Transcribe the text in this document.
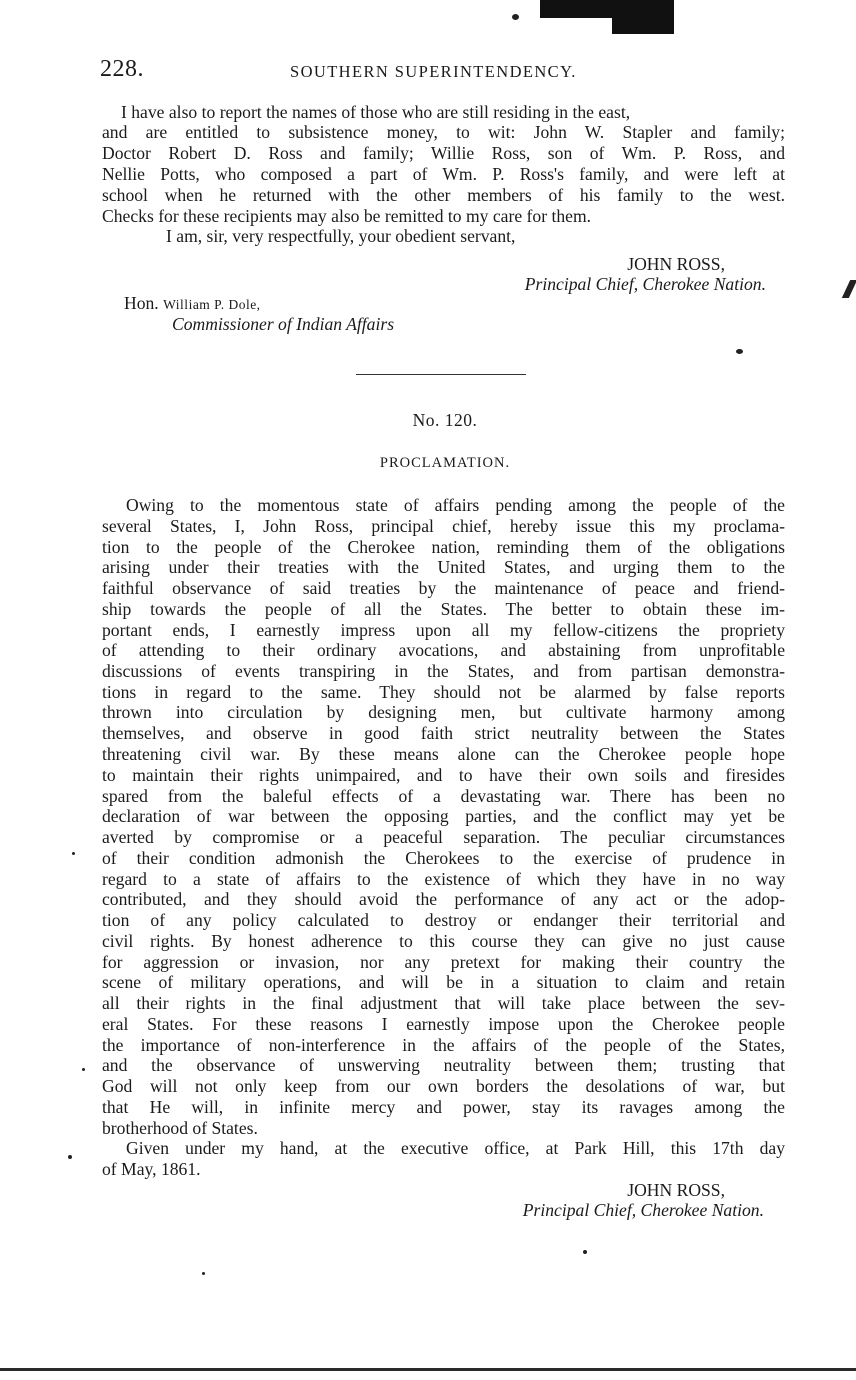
228.	SOUTHERN SUPERINTENDENCY.
I have also to report the names of those who are still residing in the east,
and are entitled to subsistence money, to wit: John W. Stapler and family;
Doctor Robert D. Ross and family; Willie Ross, son of Wm. P. Ross, and
Nellie Potts, who composed a part of Wm. P. Ross's family, and were left at
school when he returned with the other members of his family to the west.
Checks for these recipients may also be remitted to my care for them.
I am, sir, very respectfully, your obedient servant,
JOHN ROSS,
Principal Chief, Cherokee Nation.
Hon. William P. Dole,
Commissioner of Indian Affairs
No. 120.
PROCLAMATION.
Owing to the momentous state of affairs pending among the people of the
several States, I, John Ross, principal chief, hereby issue this my proclama-
tion to the people of the Cherokee nation, reminding them of the obligations
arising under their treaties with the United States, and urging them to the
faithful observance of said treaties by the maintenance of peace and friend-
ship towards the people of all the States. The better to obtain these im-
portant ends, I earnestly impress upon all my fellow-citizens the propriety
of attending to their ordinary avocations, and abstaining from unprofitable
discussions of events transpiring in the States, and from partisan demonstra-
tions in regard to the same. They should not be alarmed by false reports
thrown into circulation by designing men, but cultivate harmony among
themselves, and observe in good faith strict neutrality between the States
threatening civil war. By these means alone can the Cherokee people hope
to maintain their rights unimpaired, and to have their own soils and firesides
spared from the baleful effects of a devastating war. There has been no
declaration of war between the opposing parties, and the conflict may yet be
averted by compromise or a peaceful separation. The peculiar circumstances
of their condition admonish the Cherokees to the exercise of prudence in
regard to a state of affairs to the existence of which they have in no way
contributed, and they should avoid the performance of any act or the adop-
tion of any policy calculated to destroy or endanger their territorial and
civil rights. By honest adherence to this course they can give no just cause
for aggression or invasion, nor any pretext for making their country the
scene of military operations, and will be in a situation to claim and retain
all their rights in the final adjustment that will take place between the sev-
eral States. For these reasons I earnestly impose upon the Cherokee people
the importance of non-interference in the affairs of the people of the States,
and the observance of unswerving neutrality between them; trusting that
God will not only keep from our own borders the desolations of war, but
that He will, in infinite mercy and power, stay its ravages among the
brotherhood of States.
Given under my hand, at the executive office, at Park Hill, this 17th day
of May, 1861.
JOHN ROSS,
Principal Chief, Cherokee Nation.
